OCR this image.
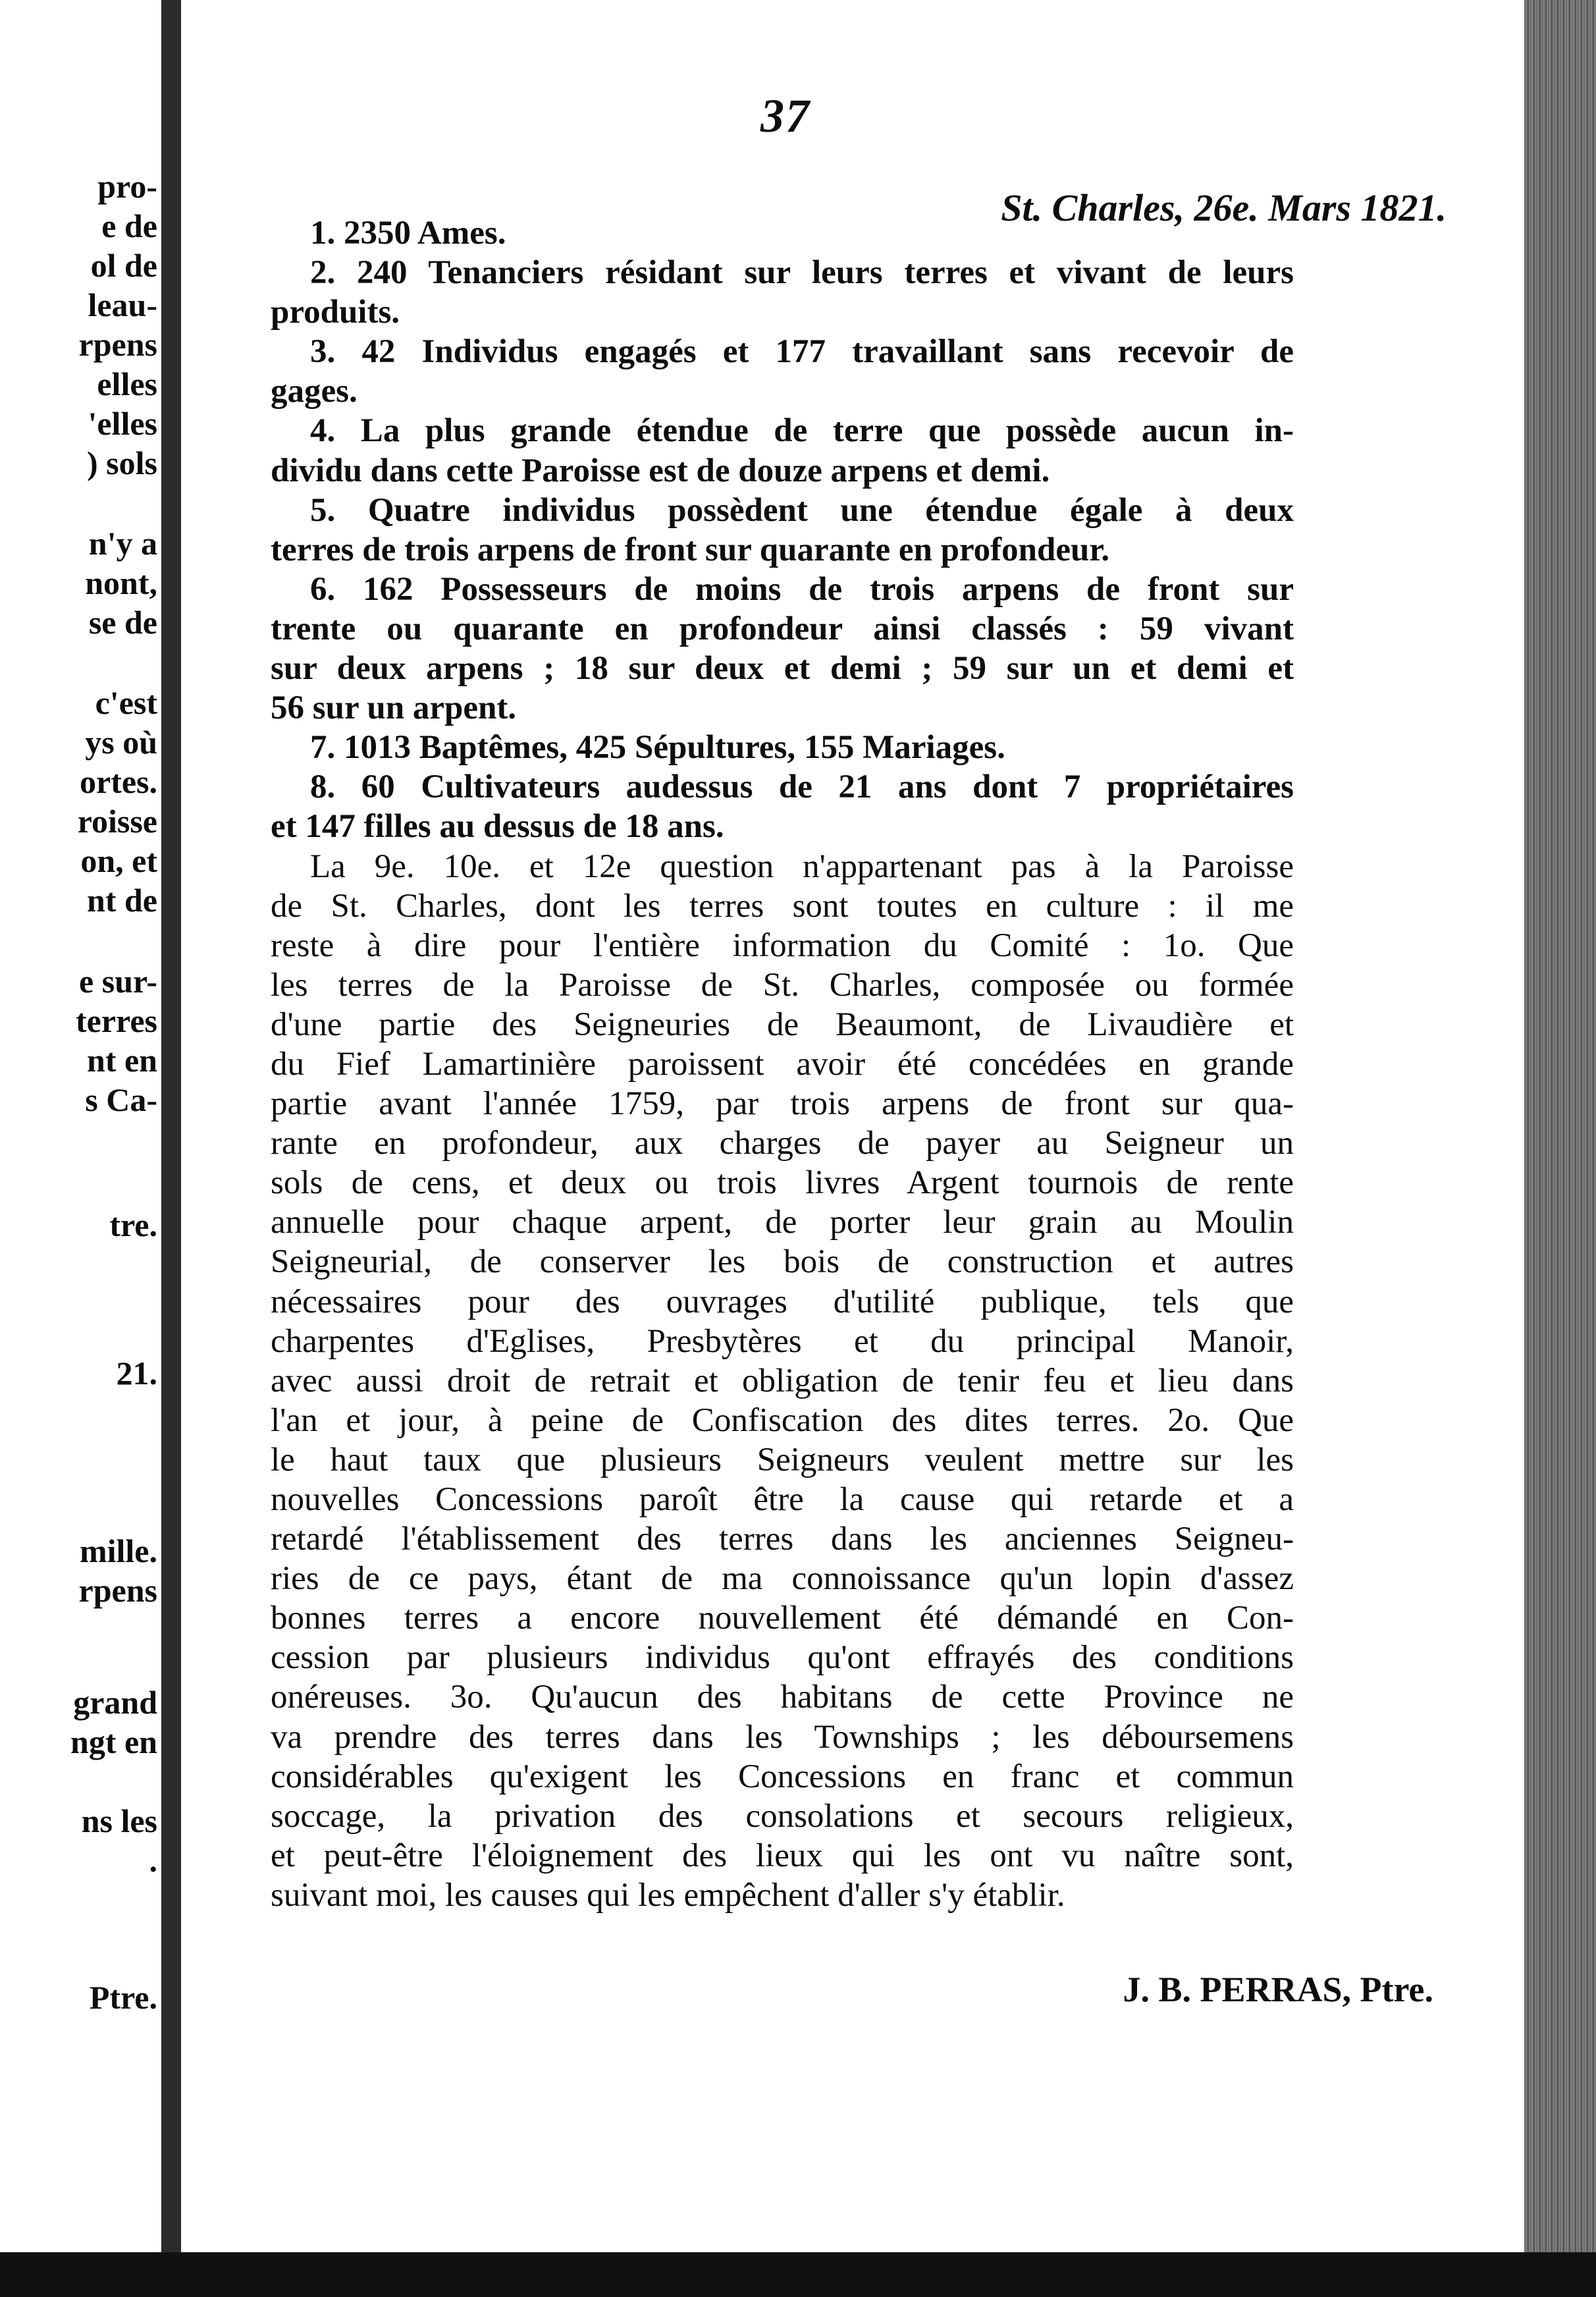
pro-
e de
ol de
leau-
rpens
elles
'elles
) sols
n'y a
nont,
se de
c'est
ys où
ortes.
roisse
on, et
nt de
e sur-
terres
nt en
s Ca-
tre.
21.
mille.
rpens
grand
ngt en
ns les
.
Ptre.
37
St. Charles, 26e. Mars 1821.
1. 2350 Ames.
2. 240 Tenanciers résidant sur leurs terres et vivant de leurs
produits.
3. 42 Individus engagés et 177 travaillant sans recevoir de
gages.
4. La plus grande étendue de terre que possède aucun in-
dividu dans cette Paroisse est de douze arpens et demi.
5. Quatre individus possèdent une étendue égale à deux
terres de trois arpens de front sur quarante en profondeur.
6. 162 Possesseurs de moins de trois arpens de front sur
trente ou quarante en profondeur ainsi classés : 59 vivant
sur deux arpens ; 18 sur deux et demi ; 59 sur un et demi et
56 sur un arpent.
7. 1013 Baptêmes, 425 Sépultures, 155 Mariages.
8. 60 Cultivateurs audessus de 21 ans dont 7 propriétaires
et 147 filles au dessus de 18 ans.
La 9e. 10e. et 12e question n'appartenant pas à la Paroisse
de St. Charles, dont les terres sont toutes en culture : il me
reste à dire pour l'entière information du Comité : 1o. Que
les terres de la Paroisse de St. Charles, composée ou formée
d'une partie des Seigneuries de Beaumont, de Livaudière et
du Fief Lamartinière paroissent avoir été concédées en grande
partie avant l'année 1759, par trois arpens de front sur qua-
rante en profondeur, aux charges de payer au Seigneur un
sols de cens, et deux ou trois livres Argent tournois de rente
annuelle pour chaque arpent, de porter leur grain au Moulin
Seigneurial, de conserver les bois de construction et autres
nécessaires pour des ouvrages d'utilité publique, tels que
charpentes d'Eglises, Presbytères et du principal Manoir,
avec aussi droit de retrait et obligation de tenir feu et lieu dans
l'an et jour, à peine de Confiscation des dites terres. 2o. Que
le haut taux que plusieurs Seigneurs veulent mettre sur les
nouvelles Concessions paroît être la cause qui retarde et a
retardé l'établissement des terres dans les anciennes Seigneu-
ries de ce pays, étant de ma connoissance qu'un lopin d'assez
bonnes terres a encore nouvellement été démandé en Con-
cession par plusieurs individus qu'ont effrayés des conditions
onéreuses. 3o. Qu'aucun des habitans de cette Province ne
va prendre des terres dans les Townships ; les déboursemens
considérables qu'exigent les Concessions en franc et commun
soccage, la privation des consolations et secours religieux,
et peut-être l'éloignement des lieux qui les ont vu naître sont,
suivant moi, les causes qui les empêchent d'aller s'y établir.
J. B. PERRAS, Ptre.
